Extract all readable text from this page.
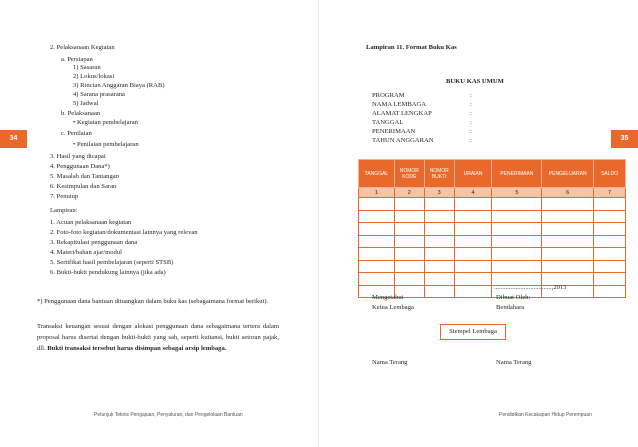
34
2. Pelaksanaan Kegiatan
a. Persiapan
1) Sasaran
2) Lokus/lokasi
3) Rincian Anggaran Biaya (RAB)
4) Sarana prasarana
5) Jadwal
b. Pelaksanaan
• Kegiatan pembelajaran
c. Penilaian
• Penilaian pembelajaran
3. Hasil yang dicapai
4. Penggunaan Dana*)
5. Masalah dan Tantangan
6. Kesimpulan dan Saran
7. Penutup
Lampiran:
1. Acuan pelaksanaan kegiatan
2. Foto-foto kegiatan/dokumentasi lainnya yang relevan
3. Rekapitulasi penggunaan dana
4. Materi/bahan ajar/modul
5. Sertifikat hasil pembelajaran (seperti STSB)
6. Bukti-bukti pendukung lainnya (jika ada)
*) Penggunaan dana bantuan dituangkan dalam buku kas (sebagaimana format berikut).
Transaksi keuangan sesuai dengan alokasi penggunaan dana sebagaimana tertera dalam proposal harus disertai dengan bukti-bukti yang sah, seperti kuitansi, bukti setoran pajak, dll. Bukti transaksi tersebut harus disimpan sebagai arsip lembaga.
Petunjuk Teknis Pengajuan, Penyaluran, dan Pengelolaan Bantuan
35
Lampiran 11. Format Buku Kas
BUKU KAS UMUM
PROGRAM	:
NAMA LEMBAGA	:
ALAMAT LENGKAP	:
TANGGAL	:
PENERIMAAN	:
TAHUN ANGGARAN	:
TANGGAL	NOMOR KODE	NOMOR BUKTI	URAIAN	PENERIMAAN	PENGELUARAN	SALDO
1	2	3	4	5	6	7

...................................,2013
Mengetahui
Ketua Lembaga
Dibuat Oleh:
Bendahara
Stempel Lembaga
Nama Terang	Nama Terang
Pendidikan Kecakapan Hidup Perempuan
